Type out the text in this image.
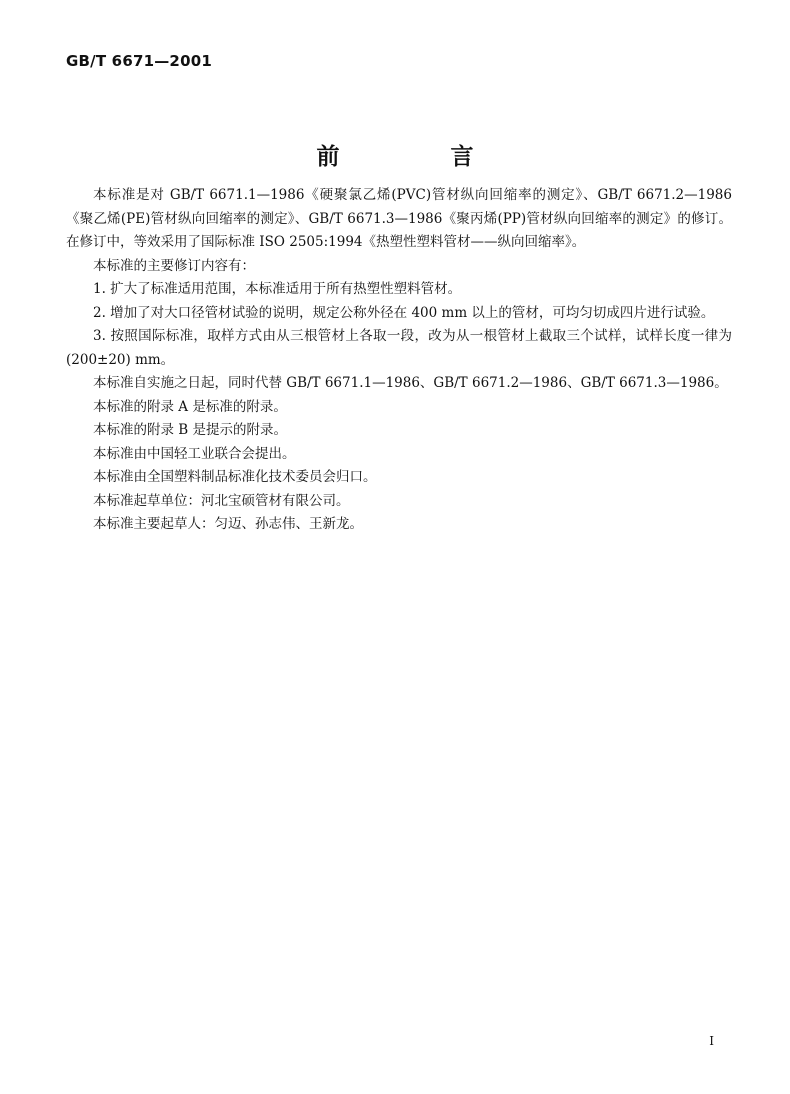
GB/T 6671—2001
前　言

本标准是对 GB/T 6671.1—1986《硬聚氯乙烯(PVC)管材纵向回缩率的测定》、GB/T 6671.2—1986《聚乙烯(PE)管材纵向回缩率的测定》、GB/T 6671.3—1986《聚丙烯(PP)管材纵向回缩率的测定》的修订。在修订中，等效采用了国际标准 ISO 2505:1994《热塑性塑料管材——纵向回缩率》。

本标准的主要修订内容有：

1. 扩大了标准适用范围，本标准适用于所有热塑性塑料管材。

2. 增加了对大口径管材试验的说明，规定公称外径在 400 mm 以上的管材，可均匀切成四片进行试验。

3. 按照国际标准，取样方式由从三根管材上各取一段，改为从一根管材上截取三个试样，试样长度一律为(200±20) mm。

本标准自实施之日起，同时代替 GB/T 6671.1—1986、GB/T 6671.2—1986、GB/T 6671.3—1986。

本标准的附录 A 是标准的附录。

本标准的附录 B 是提示的附录。

本标准由中国轻工业联合会提出。

本标准由全国塑料制品标准化技术委员会归口。

本标准起草单位：河北宝硕管材有限公司。

本标准主要起草人：匀迈、孙志伟、王新龙。

I
